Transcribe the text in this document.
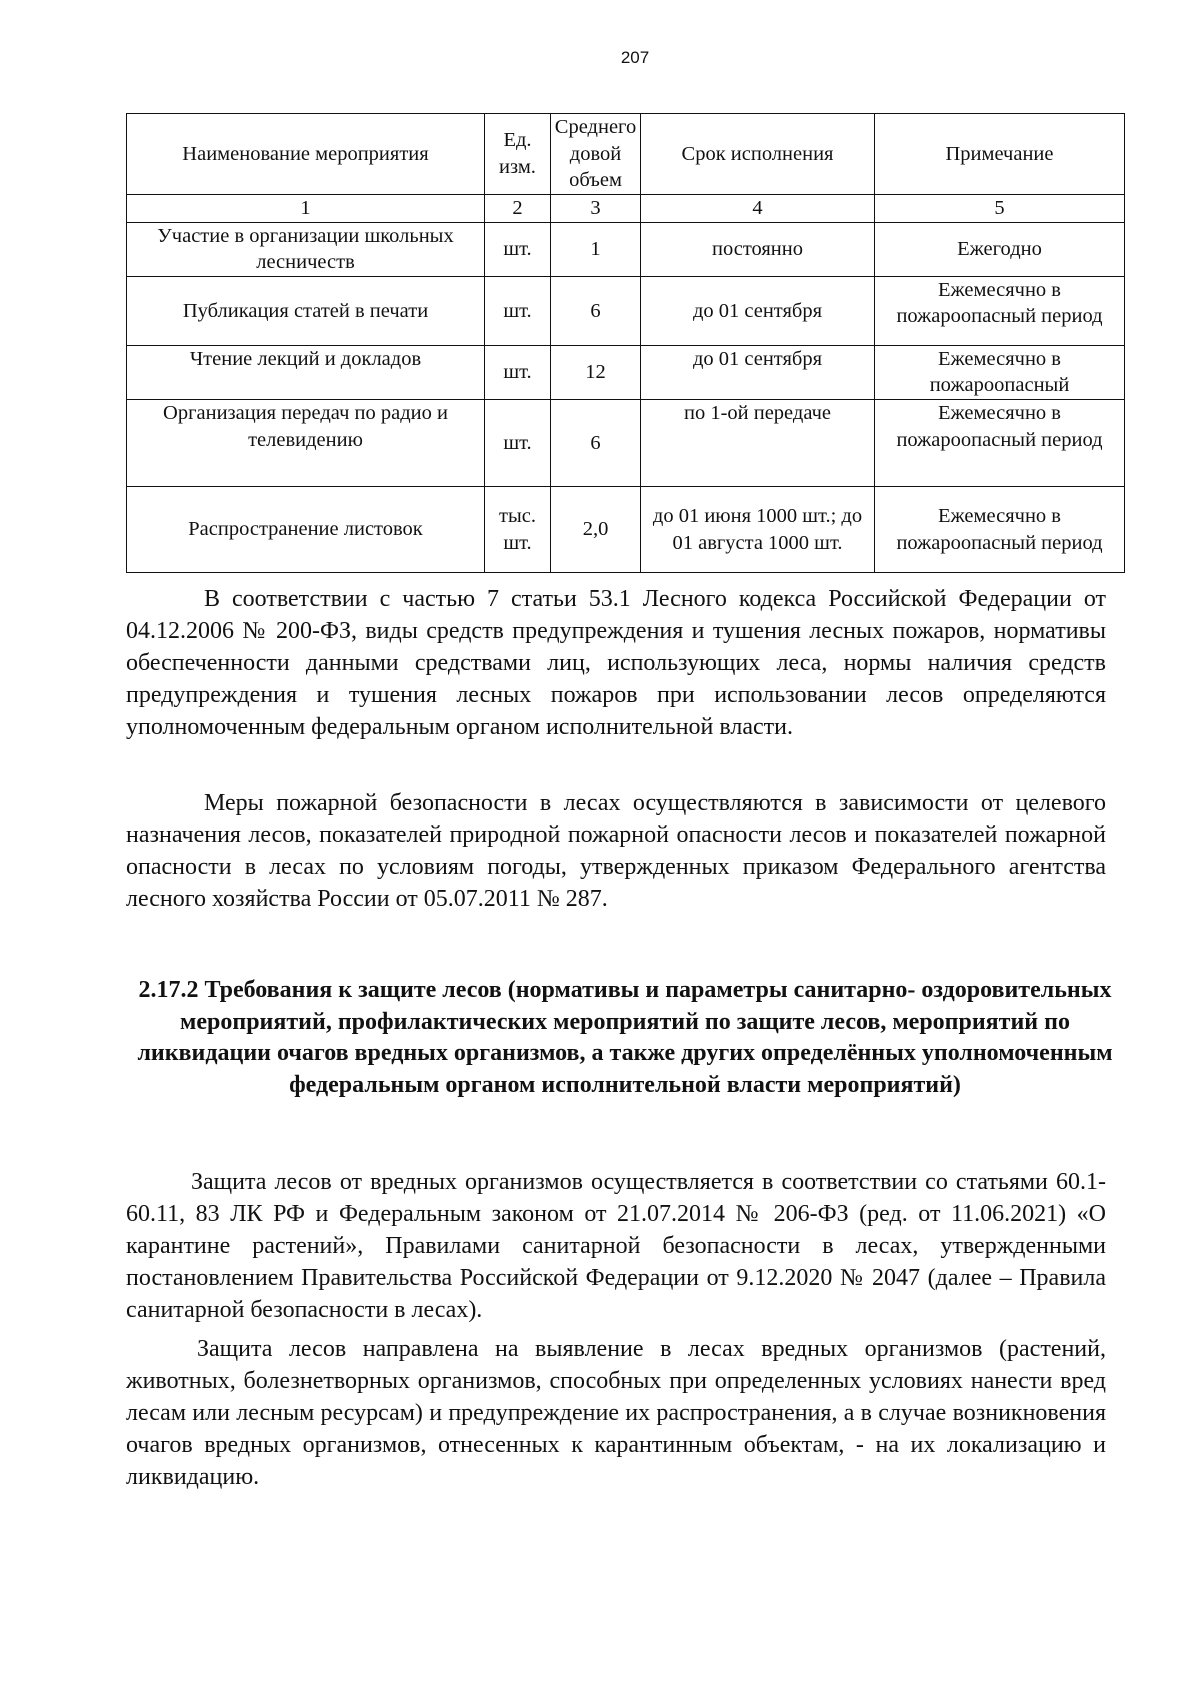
207
Наименование мероприятия	Ед. изм.	Среднего довой объем	Срок исполнения	Примечание
1	2	3	4	5
Участие в организации школьных лесничеств	шт.	1	постоянно	Ежегодно
Публикация статей в печати	шт.	6	до 01 сентября	Ежемесячно в пожароопасный период

Чтение лекций и докладов	шт.	12	до 01 сентября	Ежемесячно в пожароопасный
Организация передач по радио и телевидению	шт.	6	по 1-ой передаче	Ежемесячно в пожароопасный период
Распространение листовок	тыс. шт.	2,0	до 01 июня 1000 шт.; до 01 августа 1000 шт.	Ежемесячно в пожароопасный период

В соответствии с частью 7 статьи 53.1 Лесного кодекса Российской Федерации от 04.12.2006 № 200-ФЗ, виды средств предупреждения и тушения лесных пожаров, нормативы обеспеченности данными средствами лиц, использующих леса, нормы наличия средств предупреждения и тушения лесных пожаров при использовании лесов определяются уполномоченным федеральным органом исполнительной власти.

Меры пожарной безопасности в лесах осуществляются в зависимости от целевого назначения лесов, показателей природной пожарной опасности лесов и показателей пожарной опасности в лесах по условиям погоды, утвержденных приказом Федерального агентства лесного хозяйства России от 05.07.2011 № 287.

2.17.2 Требования к защите лесов (нормативы и параметры санитарно- оздоровительных мероприятий, профилактических мероприятий по защите лесов, мероприятий по ликвидации очагов вредных организмов, а также других определённых уполномоченным федеральным органом исполнительной власти мероприятий)

Защита лесов от вредных организмов осуществляется в соответствии со статьями 60.1-60.11, 83 ЛК РФ и Федеральным законом от 21.07.2014 № 206-ФЗ (ред. от 11.06.2021) «О карантине растений», Правилами санитарной безопасности в лесах, утвержденными постановлением Правительства Российской Федерации от 9.12.2020 № 2047 (далее – Правила санитарной безопасности в лесах).

Защита лесов направлена на выявление в лесах вредных организмов (растений, животных, болезнетворных организмов, способных при определенных условиях нанести вред лесам или лесным ресурсам) и предупреждение их распространения, а в случае возникновения очагов вредных организмов, отнесенных к карантинным объектам, - на их локализацию и ликвидацию.
